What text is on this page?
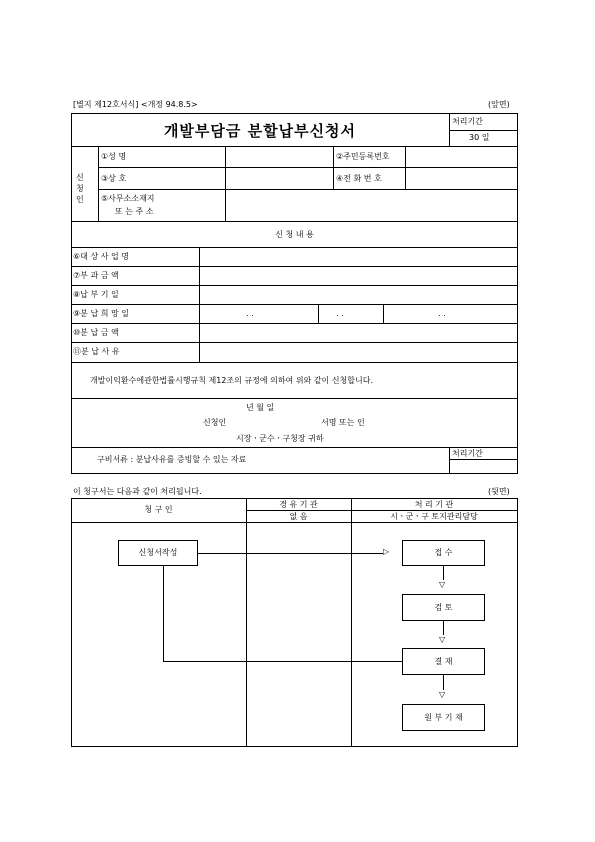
[별지 제12호서식] <개정 94.8.5>	(앞면)
개발부담금 분할납부신청서	처리기간
30 일
신청인
①성 명	②주민등록번호
③상 호	④전 화 번 호
⑤사무소소재지
또 는 주 소
신 청 내 용
⑥대 상 사 업 명
⑦부 과 금 액
⑧납 부 기 일
⑨분 납 희 망 일	. .	. .	. .
⑩분 납 금 액
⑪분 납 사 유
개발이익환수에관한법률시행규칙 제12조의 규정에 의하여 위와 같이 신청합니다.
년 월 일
신청인	서명 또는 인
시장ㆍ군수ㆍ구청장 귀하
구비서류 : 분납사유를 증빙할 수 있는 자료
처리기간
이 청구서는 다음과 같이 처리됩니다.	(뒷면)
청 구 인
경 유 기 관
없 음
처 리 기 관
시ㆍ군ㆍ구 토지관리담당
신청서작성	접 수
검 토
결 재
원 부 기 재
▷
▽
▽
▽
